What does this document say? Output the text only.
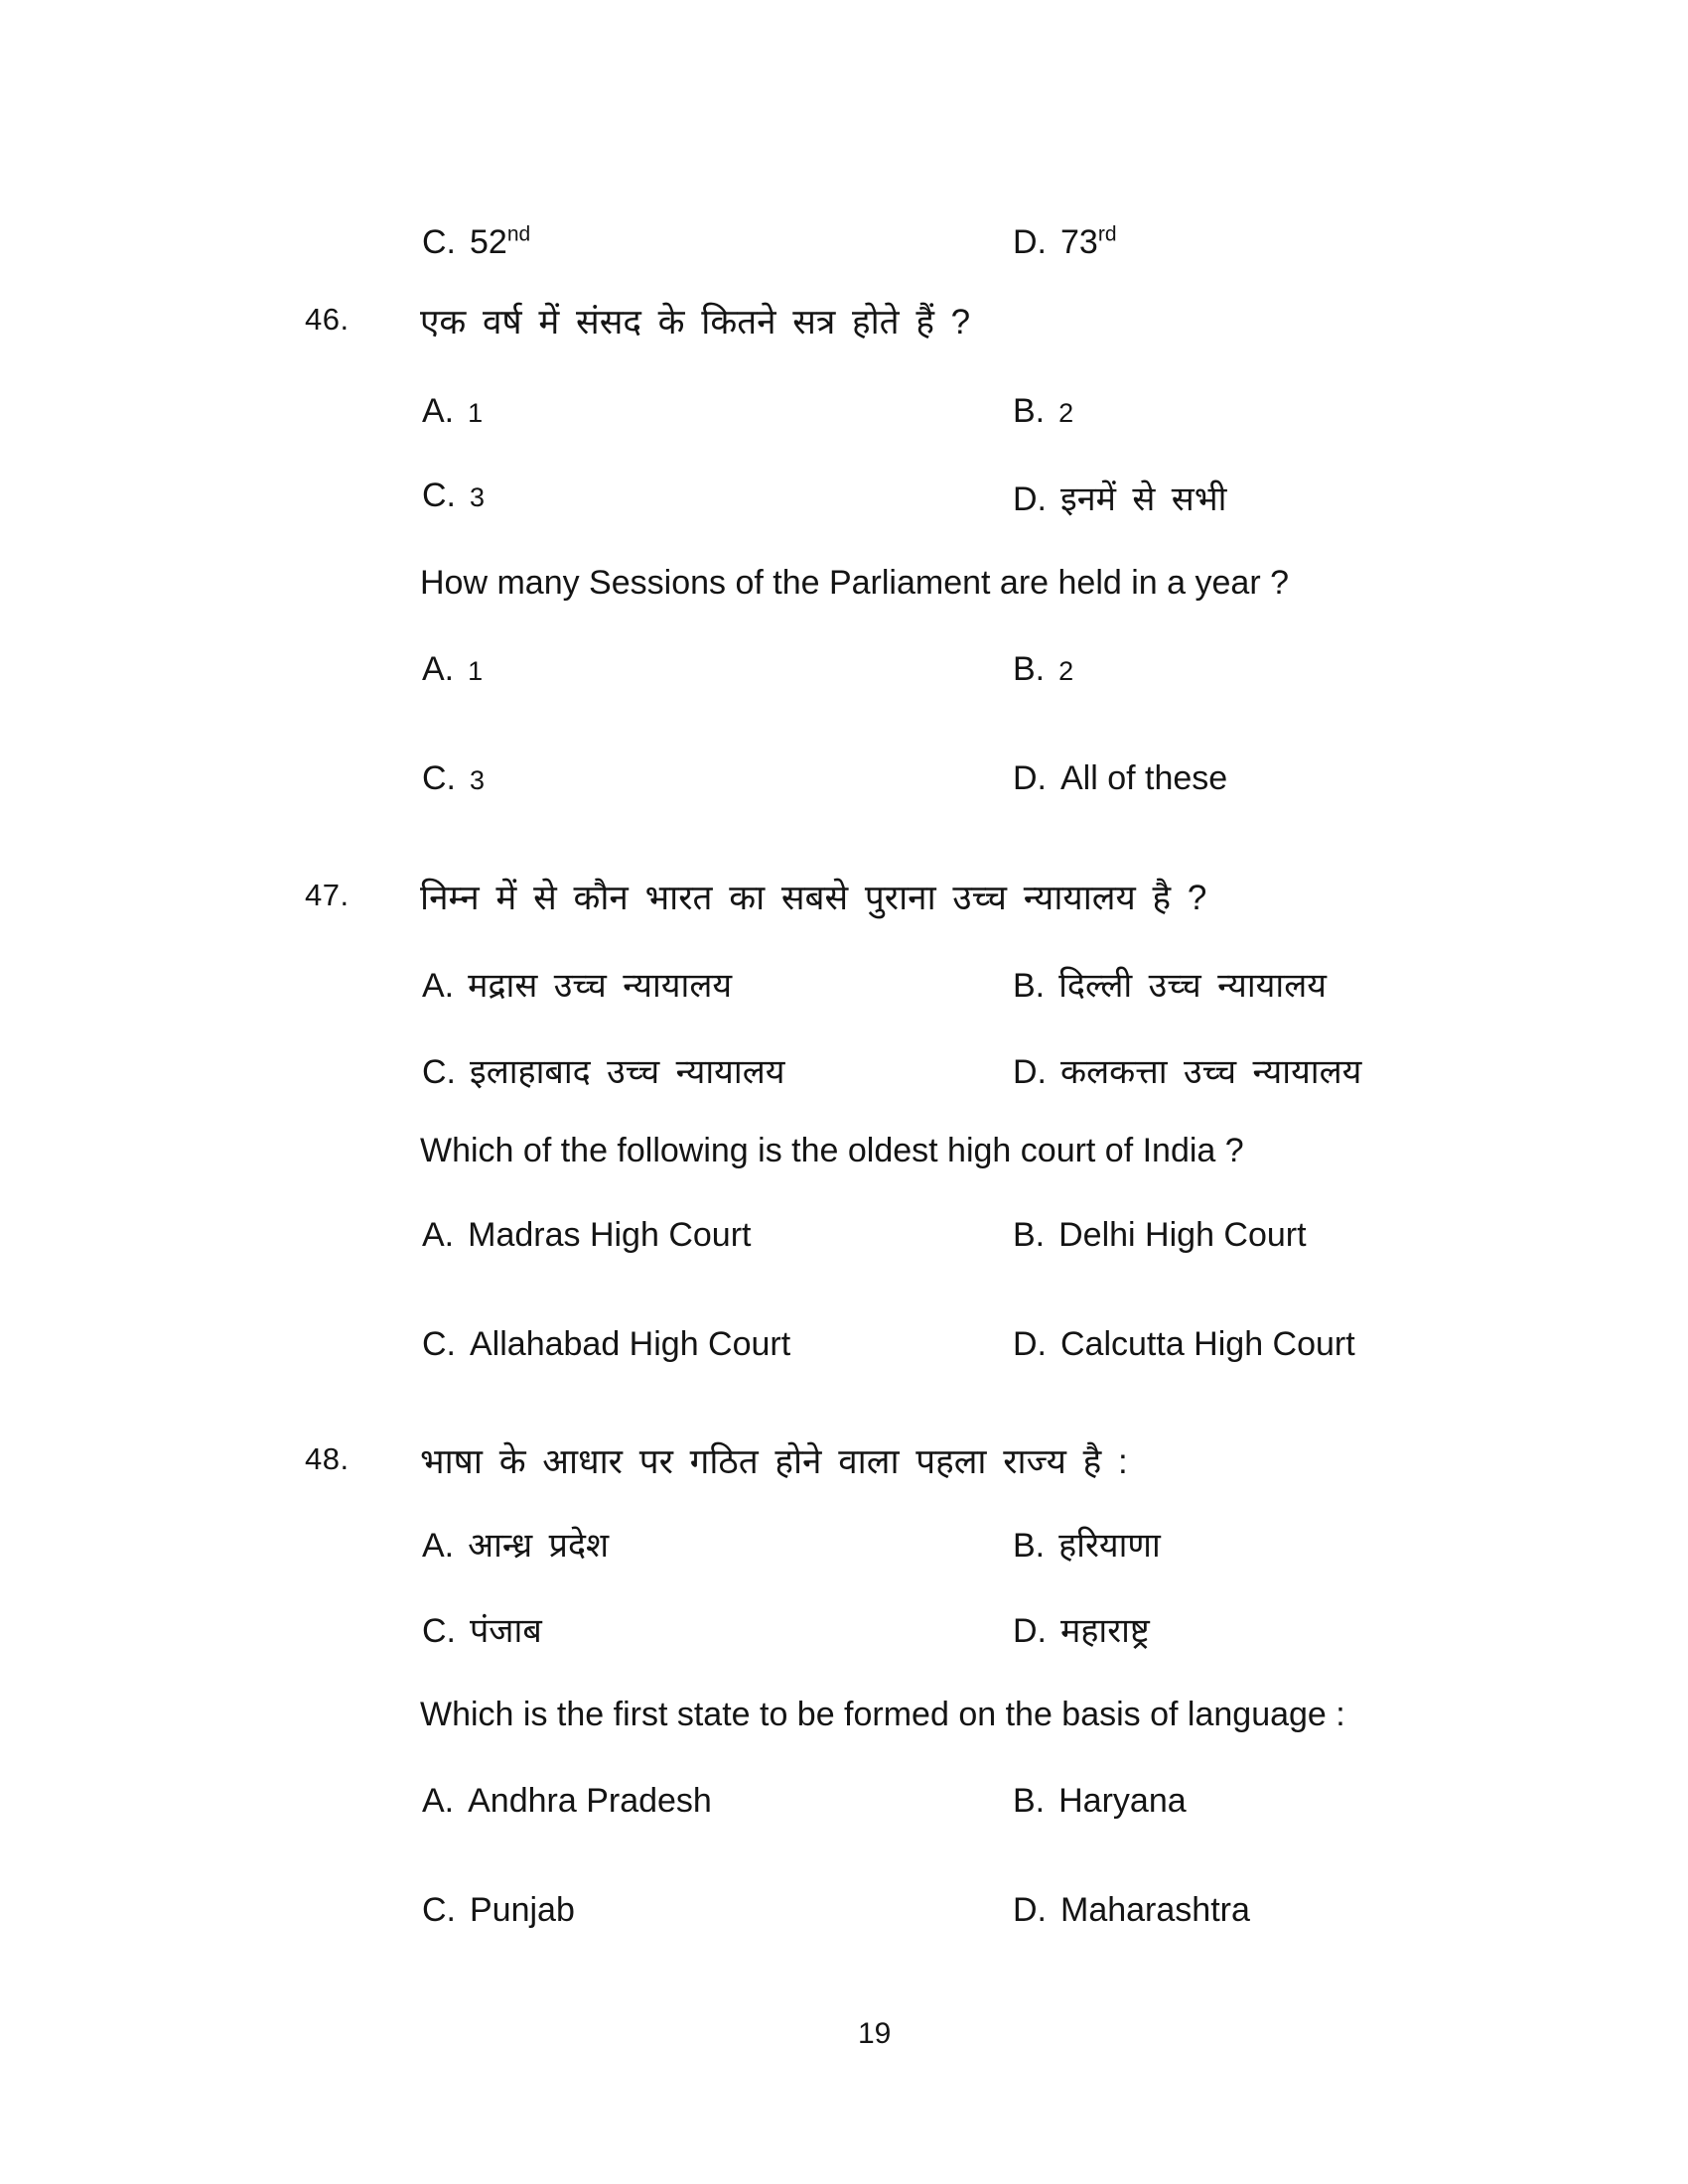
C. 52nd	D. 73rd
46. एक वर्ष में संसद के कितने सत्र होते हैं ?
A. 1	B. 2
C. 3	D. इनमें से सभी
How many Sessions of the Parliament are held in a year ?
A. 1	B. 2
C. 3	D. All of these
47. निम्न में से कौन भारत का सबसे पुराना उच्च न्यायालय है ?
A. मद्रास उच्च न्यायालय	B. दिल्ली उच्च न्यायालय
C. इलाहाबाद उच्च न्यायालय	D. कलकत्ता उच्च न्यायालय
Which of the following is the oldest high court of India ?
A. Madras High Court	B. Delhi High Court
C. Allahabad High Court	D. Calcutta High Court
48. भाषा के आधार पर गठित होने वाला पहला राज्य है :
A. आन्ध्र प्रदेश	B. हरियाणा
C. पंजाब	D. महाराष्ट्र
Which is the first state to be formed on the basis of language :
A. Andhra Pradesh	B. Haryana
C. Punjab	D. Maharashtra
19
